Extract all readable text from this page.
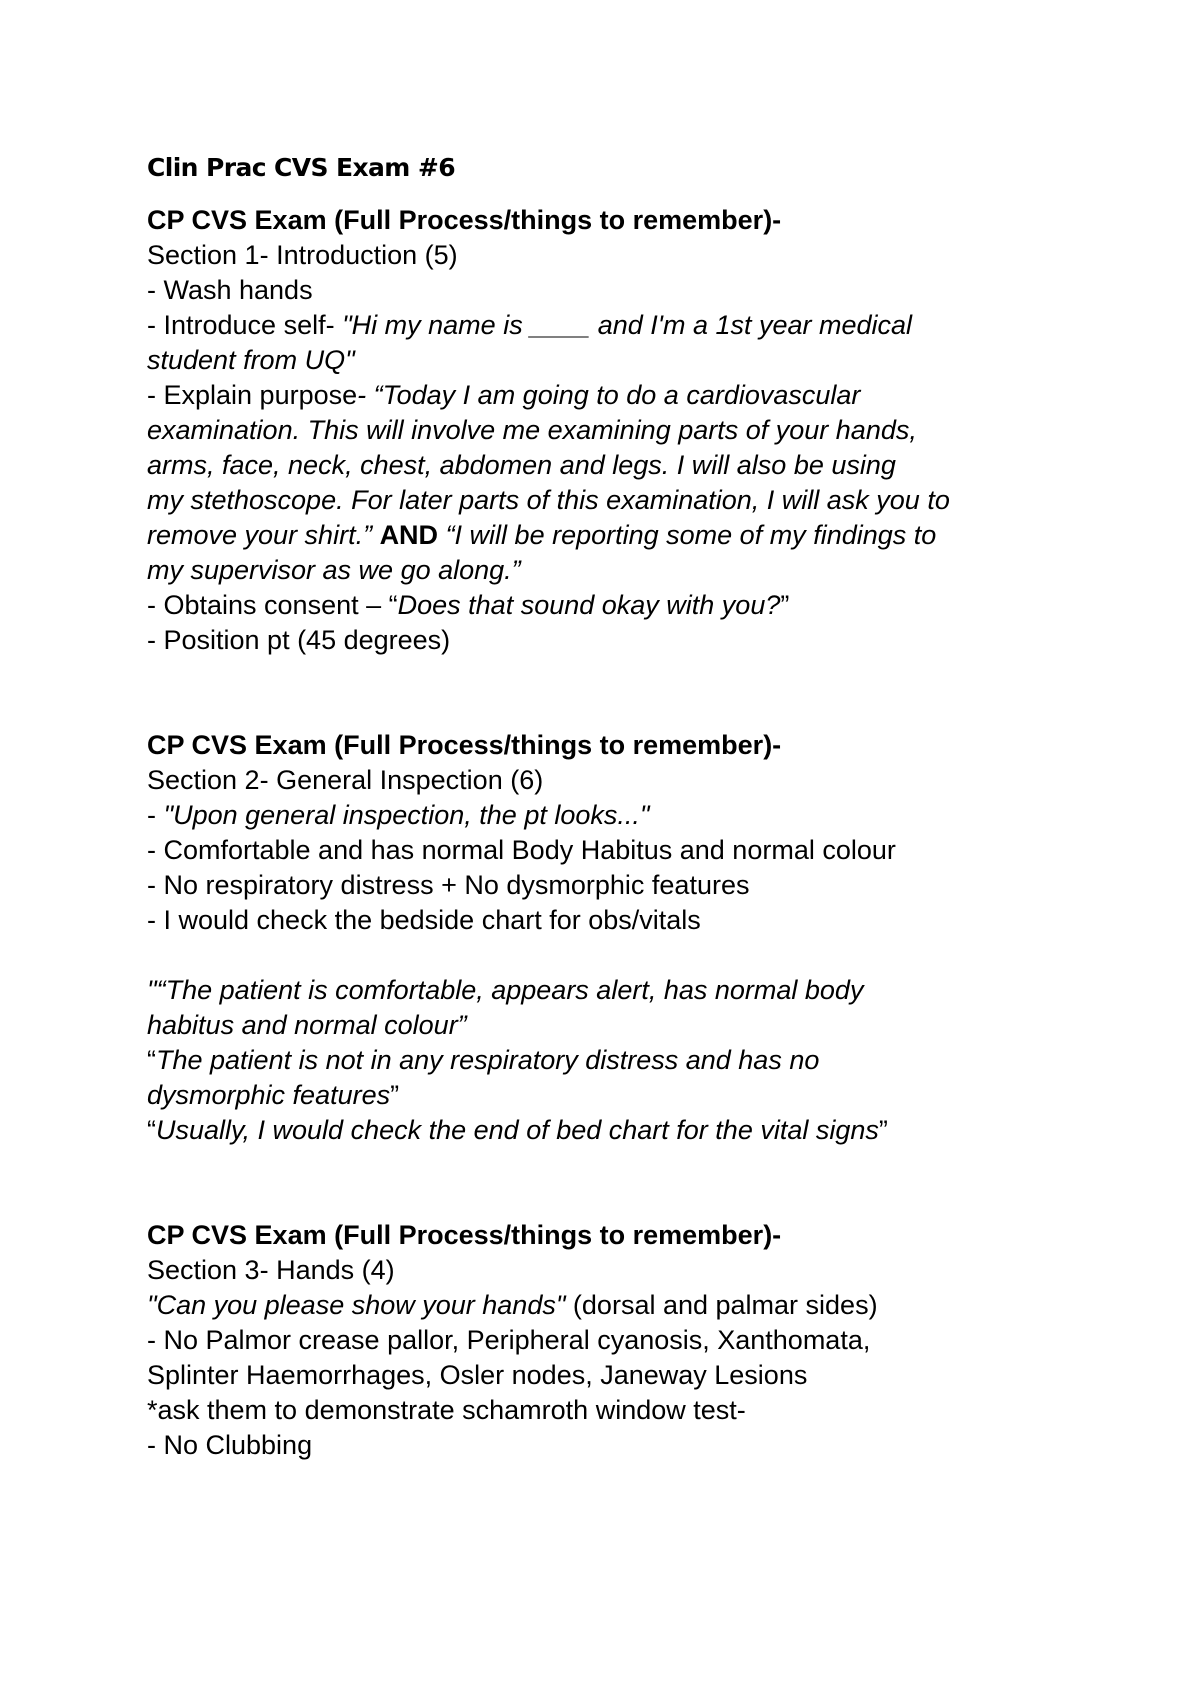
Clin Prac CVS Exam #6
CP CVS Exam (Full Process/things to remember)-
Section 1- Introduction (5)
- Wash hands
- Introduce self- "Hi my name is ____ and I'm a 1st year medical
student from UQ"
- Explain purpose- “Today I am going to do a cardiovascular
examination. This will involve me examining parts of your hands,
arms, face, neck, chest, abdomen and legs. I will also be using
my stethoscope. For later parts of this examination, I will ask you to
remove your shirt.” AND “I will be reporting some of my findings to
my supervisor as we go along.”
- Obtains consent – “Does that sound okay with you?”
- Position pt (45 degrees)
CP CVS Exam (Full Process/things to remember)-
Section 2- General Inspection (6)
- "Upon general inspection, the pt looks..."
- Comfortable and has normal Body Habitus and normal colour
- No respiratory distress + No dysmorphic features
- I would check the bedside chart for obs/vitals
"“The patient is comfortable, appears alert, has normal body
habitus and normal colour”
“The patient is not in any respiratory distress and has no
dysmorphic features”
“Usually, I would check the end of bed chart for the vital signs”
CP CVS Exam (Full Process/things to remember)-
Section 3- Hands (4)
"Can you please show your hands" (dorsal and palmar sides)
- No Palmor crease pallor, Peripheral cyanosis, Xanthomata,
Splinter Haemorrhages, Osler nodes, Janeway Lesions
*ask them to demonstrate schamroth window test-
- No Clubbing
